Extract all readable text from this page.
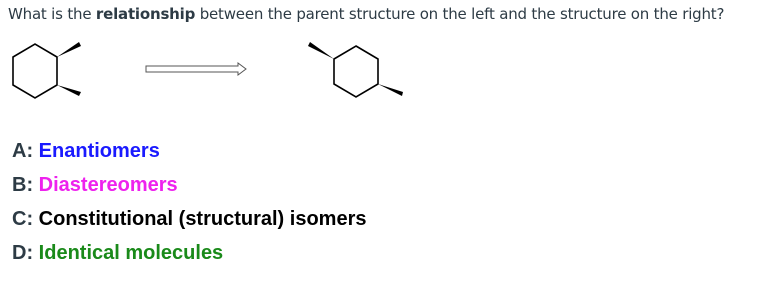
What is the relationship between the parent structure on the left and the structure on the right?
A: Enantiomers
B: Diastereomers
C: Constitutional (structural) isomers
D: Identical molecules
